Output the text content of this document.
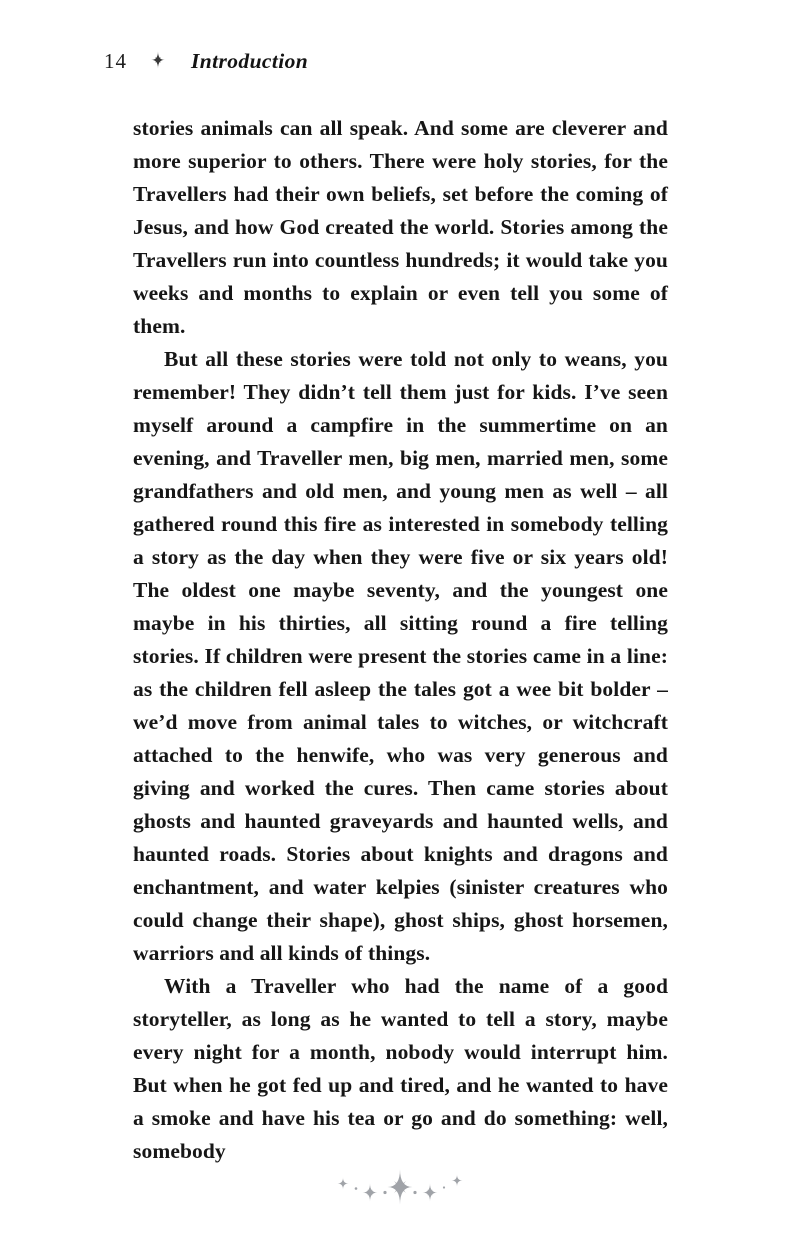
14	Introduction

stories animals can all speak. And some are cleverer and more superior to others. There were holy stories, for the Travellers had their own beliefs, set before the coming of Jesus, and how God created the world. Stories among the Travellers run into countless hundreds; it would take you weeks and months to explain or even tell you some of them.

But all these stories were told not only to weans, you remember! They didn’t tell them just for kids. I’ve seen myself around a campfire in the summertime on an evening, and Traveller men, big men, married men, some grandfathers and old men, and young men as well – all gathered round this fire as interested in somebody telling a story as the day when they were five or six years old! The oldest one maybe seventy, and the youngest one maybe in his thirties, all sitting round a fire telling stories. If children were present the stories came in a line: as the children fell asleep the tales got a wee bit bolder – we’d move from animal tales to witches, or witchcraft attached to the henwife, who was very generous and giving and worked the cures. Then came stories about ghosts and haunted graveyards and haunted wells, and haunted roads. Stories about knights and dragons and enchantment, and water kelpies (sinister creatures who could change their shape), ghost ships, ghost horsemen, warriors and all kinds of things.

With a Traveller who had the name of a good storyteller, as long as he wanted to tell a story, maybe every night for a month, nobody would interrupt him. But when he got fed up and tired, and he wanted to have a smoke and have his tea or go and do something: well, somebody
